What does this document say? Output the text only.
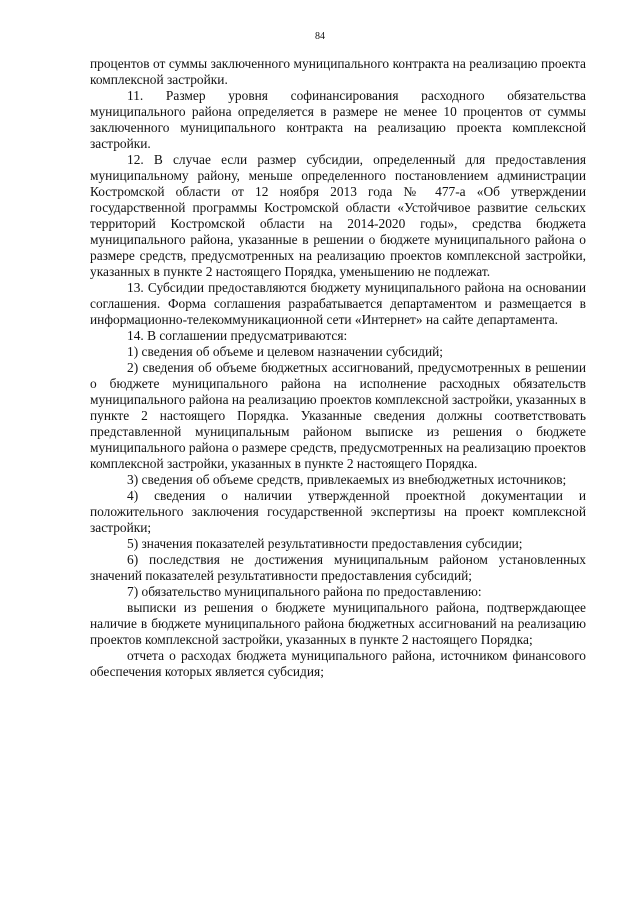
84

процентов от суммы заключенного муниципального контракта на реализацию проекта комплексной застройки.

11. Размер уровня софинансирования расходного обязательства муниципального района определяется в размере не менее 10 процентов от суммы заключенного муниципального контракта на реализацию проекта комплексной застройки.

12. В случае если размер субсидии, определенный для предоставления муниципальному району, меньше определенного постановлением администрации Костромской области от 12 ноября 2013 года № 477-а «Об утверждении государственной программы Костромской области «Устойчивое развитие сельских территорий Костромской области на 2014-2020 годы», средства бюджета муниципального района, указанные в решении о бюджете муниципального района о размере средств, предусмотренных на реализацию проектов комплексной застройки, указанных в пункте 2 настоящего Порядка, уменьшению не подлежат.

13. Субсидии предоставляются бюджету муниципального района на основании соглашения. Форма соглашения разрабатывается департаментом и размещается в информационно-телекоммуникационной сети «Интернет» на сайте департамента.

14. В соглашении предусматриваются:

1) сведения об объеме и целевом назначении субсидий;

2) сведения об объеме бюджетных ассигнований, предусмотренных в решении о бюджете муниципального района на исполнение расходных обязательств муниципального района на реализацию проектов комплексной застройки, указанных в пункте 2 настоящего Порядка. Указанные сведения должны соответствовать представленной муниципальным районом выписке из решения о бюджете муниципального района о размере средств, предусмотренных на реализацию проектов комплексной застройки, указанных в пункте 2 настоящего Порядка.

3) сведения об объеме средств, привлекаемых из внебюджетных источников;

4) сведения о наличии утвержденной проектной документации и положительного заключения государственной экспертизы на проект комплексной застройки;

5) значения показателей результативности предоставления субсидии;

6) последствия не достижения муниципальным районом установленных значений показателей результативности предоставления субсидий;

7) обязательство муниципального района по предоставлению:

выписки из решения о бюджете муниципального района, подтверждающее наличие в бюджете муниципального района бюджетных ассигнований на реализацию проектов комплексной застройки, указанных в пункте 2 настоящего Порядка;

отчета о расходах бюджета муниципального района, источником финансового обеспечения которых является субсидия;
